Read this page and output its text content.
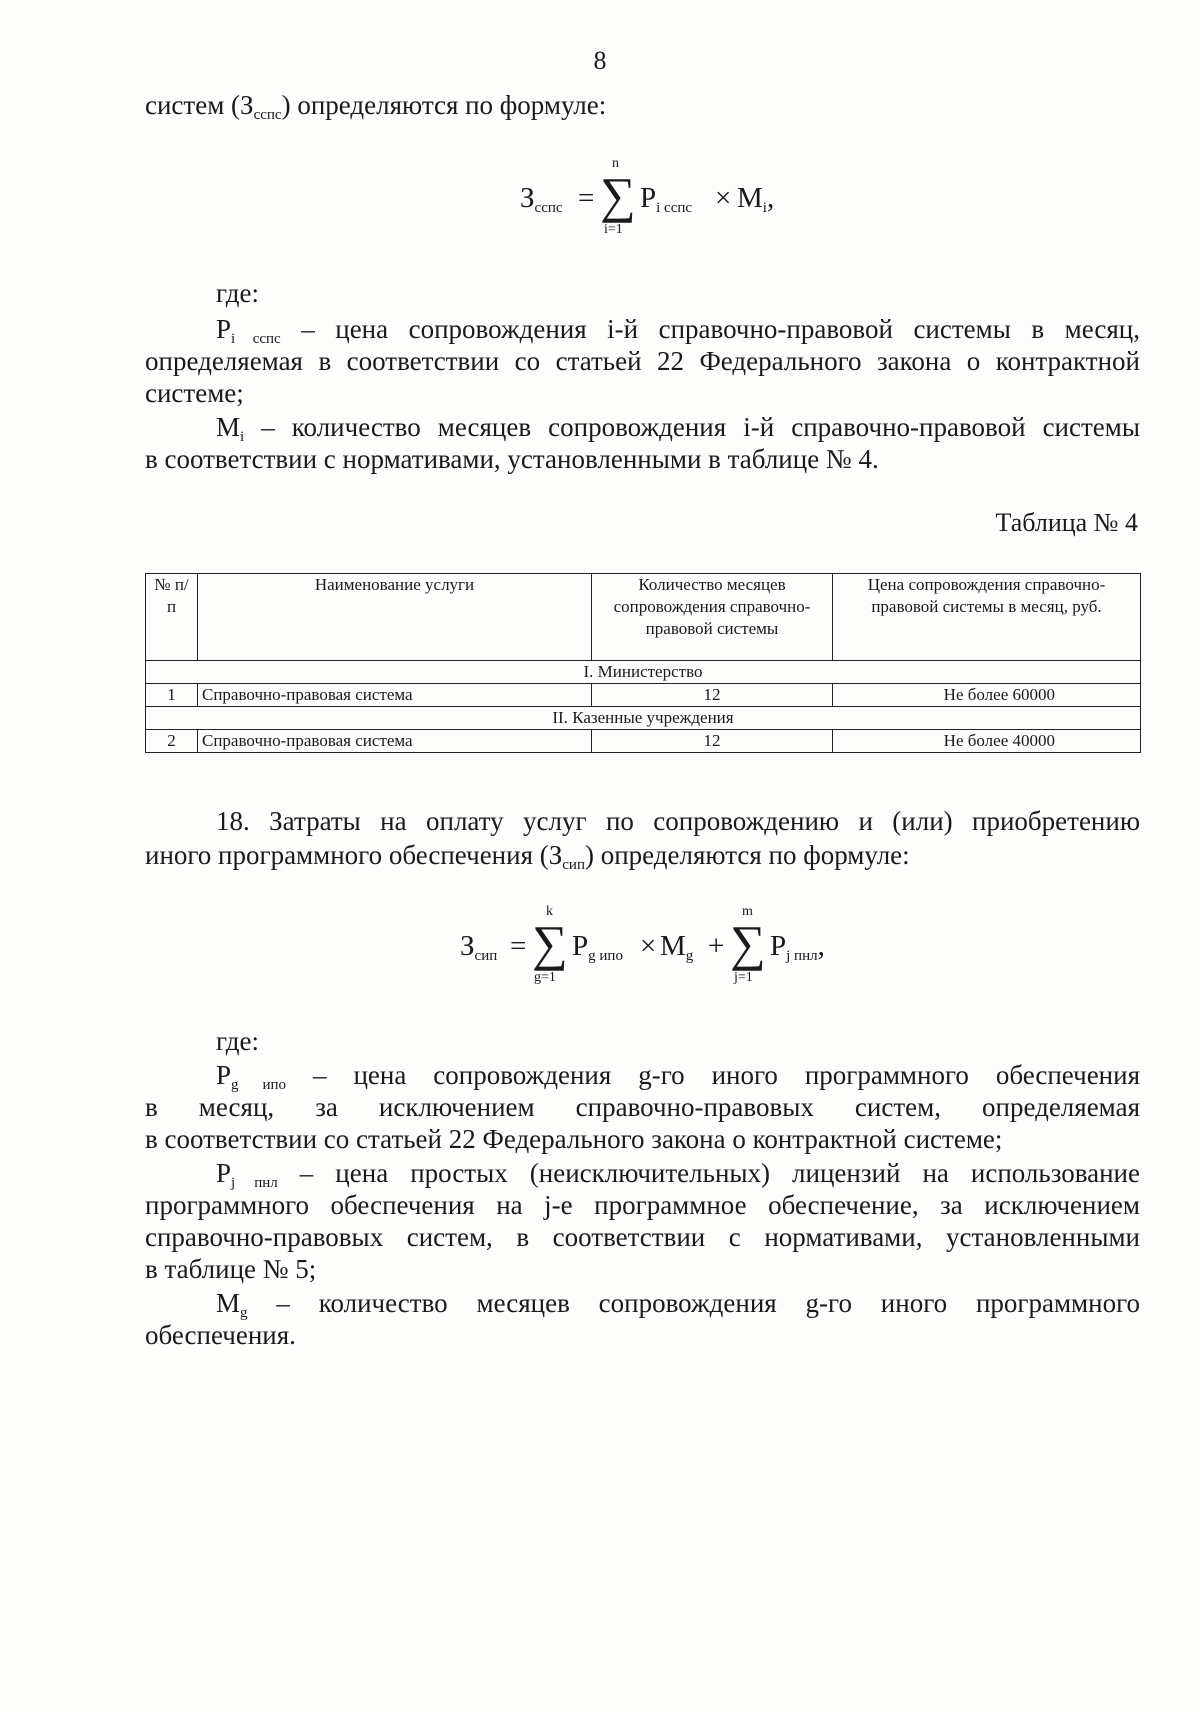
8
систем $(З_{сспс})$ определяются по формуле:
$З_{сспс}$ =
n
∑
i=1
$P_{i сспс} \times M_i$,
где:
$P_{i сспс}$ – цена сопровождения i-й справочно-правовой системы в месяц,
определяемая в соответствии со статьей 22 Федерального закона о контрактной
системе;
$M_i$ – количество месяцев сопровождения i-й справочно-правовой системы
в соответствии с нормативами, установленными в таблице № 4.
Таблица № 4
№ п/п	Наименование услуги	Количество месяцев сопровождения справочно-правовой системы	Цена сопровождения справочно-правовой системы в месяц, руб.
I. Министерство			
1	Справочно-правовая система	12	Не более 60000
II. Казенные учреждения			
2	Справочно-правовая система	12	Не более 40000
18. Затраты на оплату услуг по сопровождению и (или) приобретению
иного программного обеспечения $(З_{сип})$ определяются по формуле:
$З_{сип}$ =
k
∑
g=1
$P_{g ипо} \times M_g$ +
m
∑
j=1
$P_{j пнл}$,
где:
$P_{g ипо}$ – цена сопровождения g-го иного программного обеспечения
в месяц, за исключением справочно-правовых систем, определяемая
в соответствии со статьей 22 Федерального закона о контрактной системе;
$P_{j пнл}$ – цена простых (неисключительных) лицензий на использование
программного обеспечения на j-е программное обеспечение, за исключением
справочно-правовых систем, в соответствии с нормативами, установленными
в таблице № 5;
$M_g$ – количество месяцев сопровождения g-го иного программного
обеспечения.
